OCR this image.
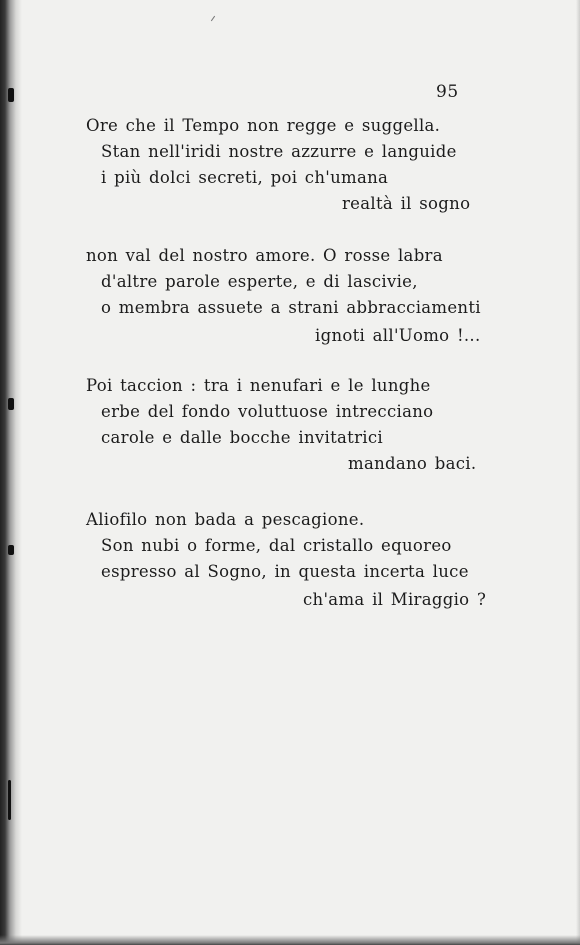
95
Ore che il Tempo non regge e suggella.
Stan nell'iridi nostre azzurre e languide
i più dolci secreti, poi ch'umana
realtà il sogno
non val del nostro amore. O rosse labra
d'altre parole esperte, e di lascivie,
o membra assuete a strani abbracciamenti
ignoti all'Uomo !...
Poi taccion : tra i nenufari e le lunghe
erbe del fondo voluttuose intrecciano
carole e dalle bocche invitatrici
mandano baci.
Aliofilo non bada a pescagione.
Son nubi o forme, dal cristallo equoreo
espresso al Sogno, in questa incerta luce
ch'ama il Miraggio ?
